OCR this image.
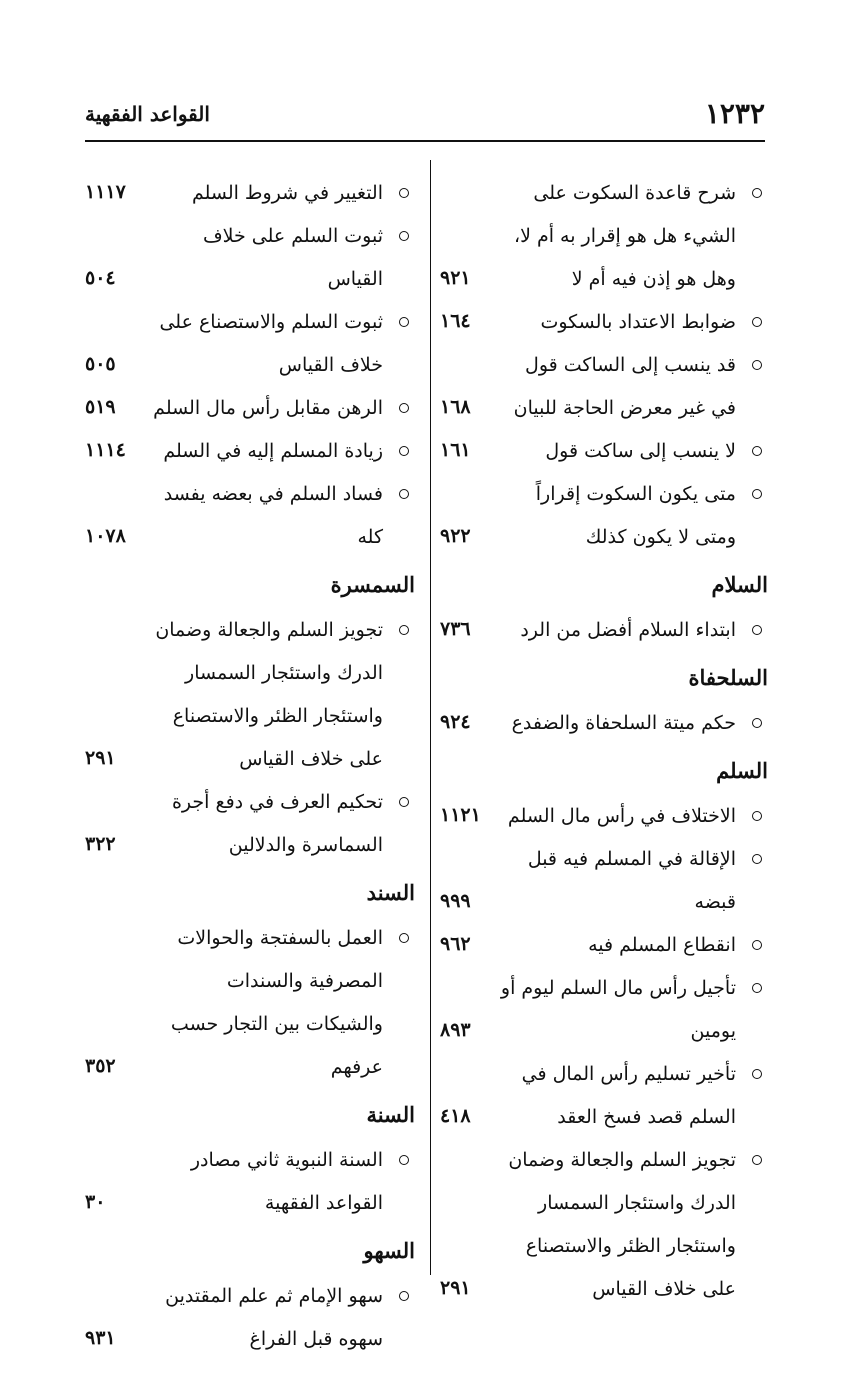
١٢٣٢
القواعد الفقهية
شرح قاعدة السكوت على الشيء هل هو إقرار به أم لا، وهل هو إذن فيه أم لا
٩٢١
ضوابط الاعتداد بالسكوت
١٦٤
قد ينسب إلى الساكت قول في غير معرض الحاجة للبيان
١٦٨
لا ينسب إلى ساكت قول
١٦١
متى يكون السكوت إقراراً ومتى لا يكون كذلك
٩٢٢
السلام
ابتداء السلام أفضل من الرد
٧٣٦
السلحفاة
حكم ميتة السلحفاة والضفدع
٩٢٤
السلم
الاختلاف في رأس مال السلم
١١٢١
الإقالة في المسلم فيه قبل قبضه
٩٩٩
انقطاع المسلم فيه
٩٦٢
تأجيل رأس مال السلم ليوم أو يومين
٨٩٣
تأخير تسليم رأس المال في السلم قصد فسخ العقد
٤١٨
تجويز السلم والجعالة وضمان الدرك واستئجار السمسار واستئجار الظئر والاستصناع على خلاف القياس
٢٩١
التغيير في شروط السلم
١١١٧
ثبوت السلم على خلاف القياس
٥٠٤
ثبوت السلم والاستصناع على خلاف القياس
٥٠٥
الرهن مقابل رأس مال السلم
٥١٩
زيادة المسلم إليه في السلم
١١١٤
فساد السلم في بعضه يفسد كله
١٠٧٨
السمسرة
تجويز السلم والجعالة وضمان الدرك واستئجار السمسار واستئجار الظئر والاستصناع على خلاف القياس
٢٩١
تحكيم العرف في دفع أجرة السماسرة والدلالين
٣٢٢
السند
العمل بالسفتجة والحوالات المصرفية والسندات والشيكات بين التجار حسب عرفهم
٣٥٢
السنة
السنة النبوية ثاني مصادر القواعد الفقهية
٣٠
السهو
سهو الإمام ثم علم المقتدين سهوه قبل الفراغ
٩٣١
